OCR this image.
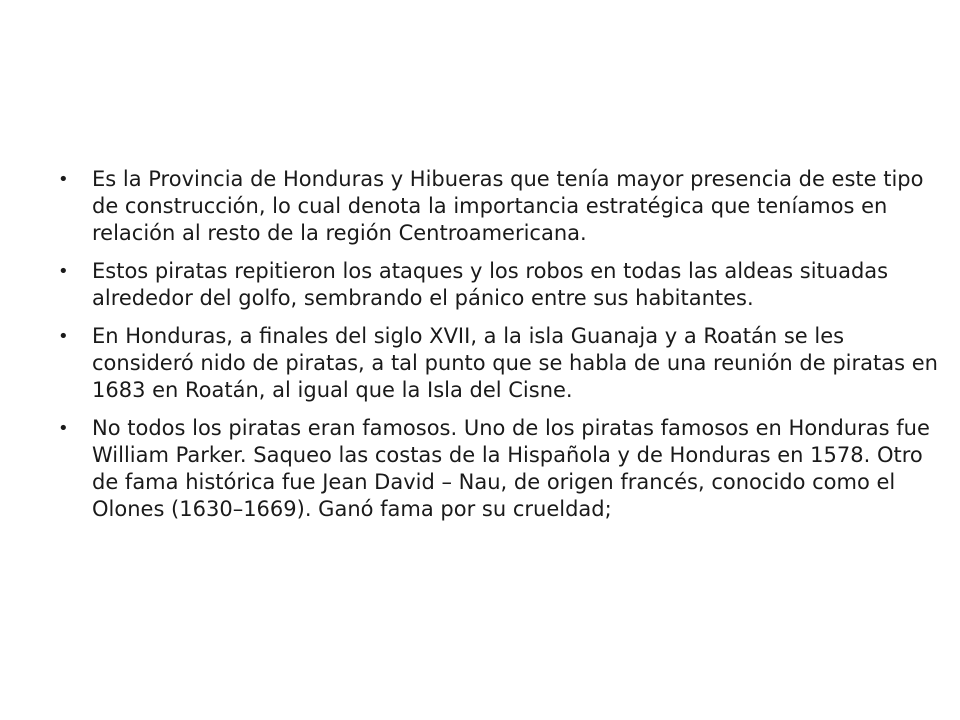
•	Es la Provincia de Honduras y Hibueras que tenía mayor presencia de este tipo de construcción, lo cual denota la importancia estratégica que teníamos en relación al resto de la región Centroamericana.
•	Estos piratas repitieron los ataques y los robos en todas las aldeas situadas alrededor del golfo, sembrando el pánico entre sus habitantes.
•	En Honduras, a finales del siglo XVII, a la isla Guanaja y a Roatán se les consideró nido de piratas, a tal punto que se habla de una reunión de piratas en 1683 en Roatán, al igual que la Isla del Cisne.
•	No todos los piratas eran famosos. Uno de los piratas famosos en Honduras fue William Parker. Saqueo las costas de la Hispañola y de Honduras en 1578. Otro de fama histórica fue Jean David – Nau, de origen francés, conocido como el Olones (1630–1669). Ganó fama por su crueldad;
